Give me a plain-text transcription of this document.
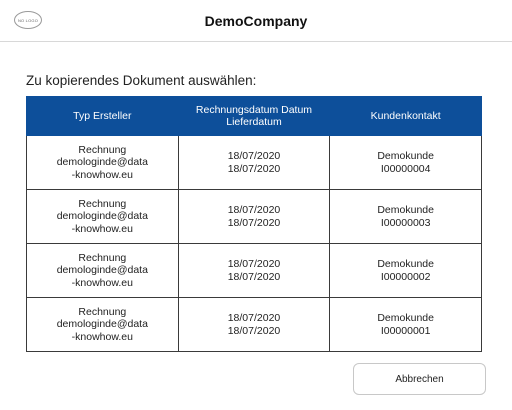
NO LOGO	DemoCompany
Zu kopierendes Dokument auswählen:
Typ Ersteller	Rechnungsdatum Datum Lieferdatum	Kundenkontakt

Rechnung
demologinde@data
-knowhow.eu	18/07/2020
18/07/2020	Demokunde
I00000004

Rechnung
demologinde@data
-knowhow.eu	18/07/2020
18/07/2020	Demokunde
I00000003

Rechnung
demologinde@data
-knowhow.eu	18/07/2020
18/07/2020	Demokunde
I00000002

Rechnung
demologinde@data
-knowhow.eu	18/07/2020
18/07/2020	Demokunde
I00000001
Abbrechen
